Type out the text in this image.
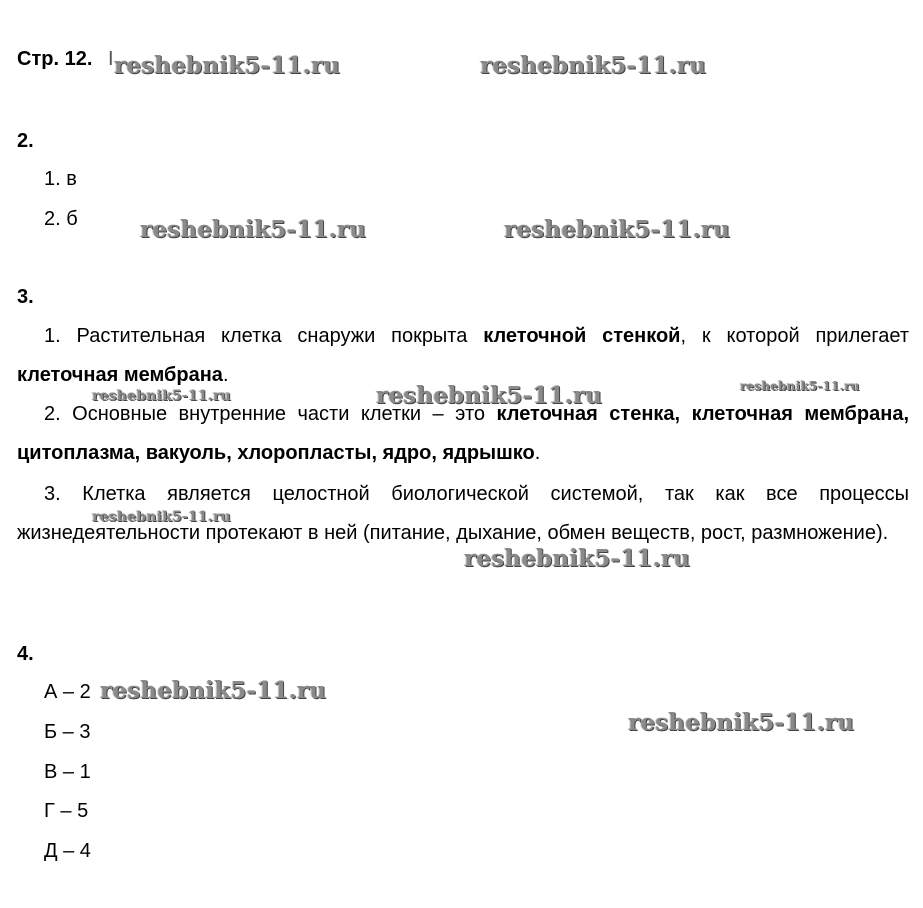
Стр. 12. I
2.
1. в
2. б
3.
1. Растительная клетка снаружи покрыта клеточной стенкой, к которой прилегает клеточная мембрана.
2. Основные внутренние части клетки – это клеточная стенка, клеточная мембрана, цитоплазма, вакуоль, хлоропласты, ядро, ядрышко.
3. Клетка является целостной биологической системой, так как все процессы жизнедеятельности протекают в ней (питание, дыхание, обмен веществ, рост, размножение).
4.
А – 2
Б – 3
В – 1
Г – 5
Д – 4
reshebnik5-11.ru	reshebnik5-11.ru
reshebnik5-11.ru	reshebnik5-11.ru
reshebnik5-11.ru	reshebnik5-11.ru	reshebnik5-11.ru
reshebnik5-11.ru
reshebnik5-11.ru
reshebnik5-11.ru
reshebnik5-11.ru
